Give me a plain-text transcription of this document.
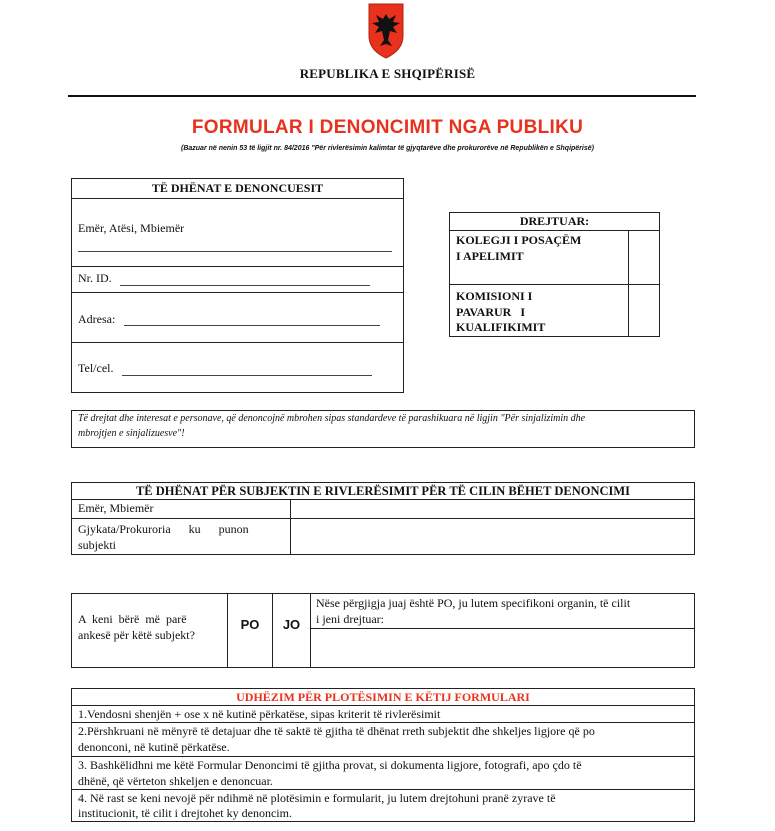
REPUBLIKA E SHQIPËRISË
FORMULAR I DENONCIMIT NGA PUBLIKU
(Bazuar në nenin 53 të ligjit nr. 84/2016 "Për rivlerësimin kalimtar të gjyqtarëve dhe prokurorëve në Republikën e Shqipërisë)
TË DHËNAT E DENONCUESIT
Emër, Atësi, Mbiemër
Nr. ID.
Adresa:
Tel/cel.
DREJTUAR:
KOLEGJI I POSAÇËM
I APELIMIT
KOMISIONI I
PAVARUR   I
KUALIFIKIMIT
Të drejtat dhe interesat e personave, që denoncojnë mbrohen sipas standardeve të parashikuara në ligjin "Për sinjalizimin dhe
mbrojtjen e sinjalizuesve"!
TË DHËNAT PËR SUBJEKTIN E RIVLERËSIMIT PËR TË CILIN BËHET DENONCIMI
Emër, Mbiemër
Gjykata/Prokuroria      ku      punon
subjekti
A  keni  bërë  më  parë
ankesë për këtë subjekt?
PO	JO
Nëse përgjigja juaj është PO, ju lutem specifikoni organin, të cilit
i jeni drejtuar:
UDHËZIM PËR PLOTËSIMIN E KËTIJ FORMULARI
1.Vendosni shenjën + ose x në kutinë përkatëse, sipas kriterit të rivlerësimit
2.Përshkruani në mënyrë të detajuar dhe të saktë të gjitha të dhënat rreth subjektit dhe shkeljes ligjore që po
denonconi, në kutinë përkatëse.
3. Bashkëlidhni me këtë Formular Denoncimi të gjitha provat, si dokumenta ligjore, fotografi, apo çdo të
dhënë, që vërteton shkeljen e denoncuar.
4. Në rast se keni nevojë për ndihmë në plotësimin e formularit, ju lutem drejtohuni pranë zyrave të
institucionit, të cilit i drejtohet ky denoncim.
